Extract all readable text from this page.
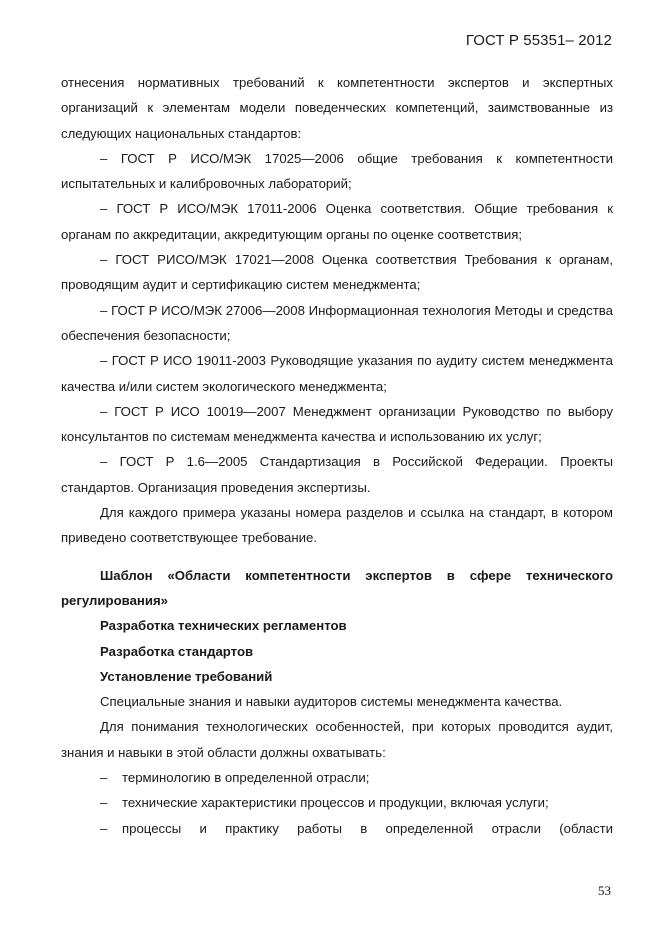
ГОСТ Р 55351– 2012

отнесения нормативных требований к компетентности экспертов и экспертных организаций к элементам модели поведенческих компетенций, заимствованные из следующих национальных стандартов:

– ГОСТ Р ИСО/МЭК 17025—2006 общие требования к компетентности испытательных и калибровочных лабораторий;

– ГОСТ Р ИСО/МЭК 17011-2006 Оценка соответствия. Общие требования к органам по аккредитации, аккредитующим органы по оценке соответствия;

– ГОСТ РИСО/МЭК 17021—2008 Оценка соответствия Требования к органам, проводящим аудит и сертификацию систем менеджмента;

– ГОСТ Р ИСО/МЭК 27006—2008 Информационная технология Методы и средства обеспечения безопасности;

– ГОСТ Р ИСО 19011-2003 Руководящие указания по аудиту систем менеджмента качества и/или систем экологического менеджмента;

– ГОСТ Р ИСО 10019—2007 Менеджмент организации Руководство по выбору консультантов по системам менеджмента качества и использованию их услуг;

– ГОСТ Р 1.6—2005 Стандартизация в Российской Федерации. Проекты стандартов. Организация проведения экспертизы.

Для каждого примера указаны номера разделов и ссылка на стандарт, в котором приведено соответствующее требование.

Шаблон «Области компетентности экспертов в сфере технического регулирования»

Разработка технических регламентов

Разработка стандартов

Установление требований

Специальные знания и навыки аудиторов системы менеджмента качества.

Для понимания технологических особенностей, при которых проводится аудит, знания и навыки в этой области должны охватывать:

– терминологию в определенной отрасли;
– технические характеристики процессов и продукции, включая услуги;
– процессы и практику работы в определенной отрасли (области
53
